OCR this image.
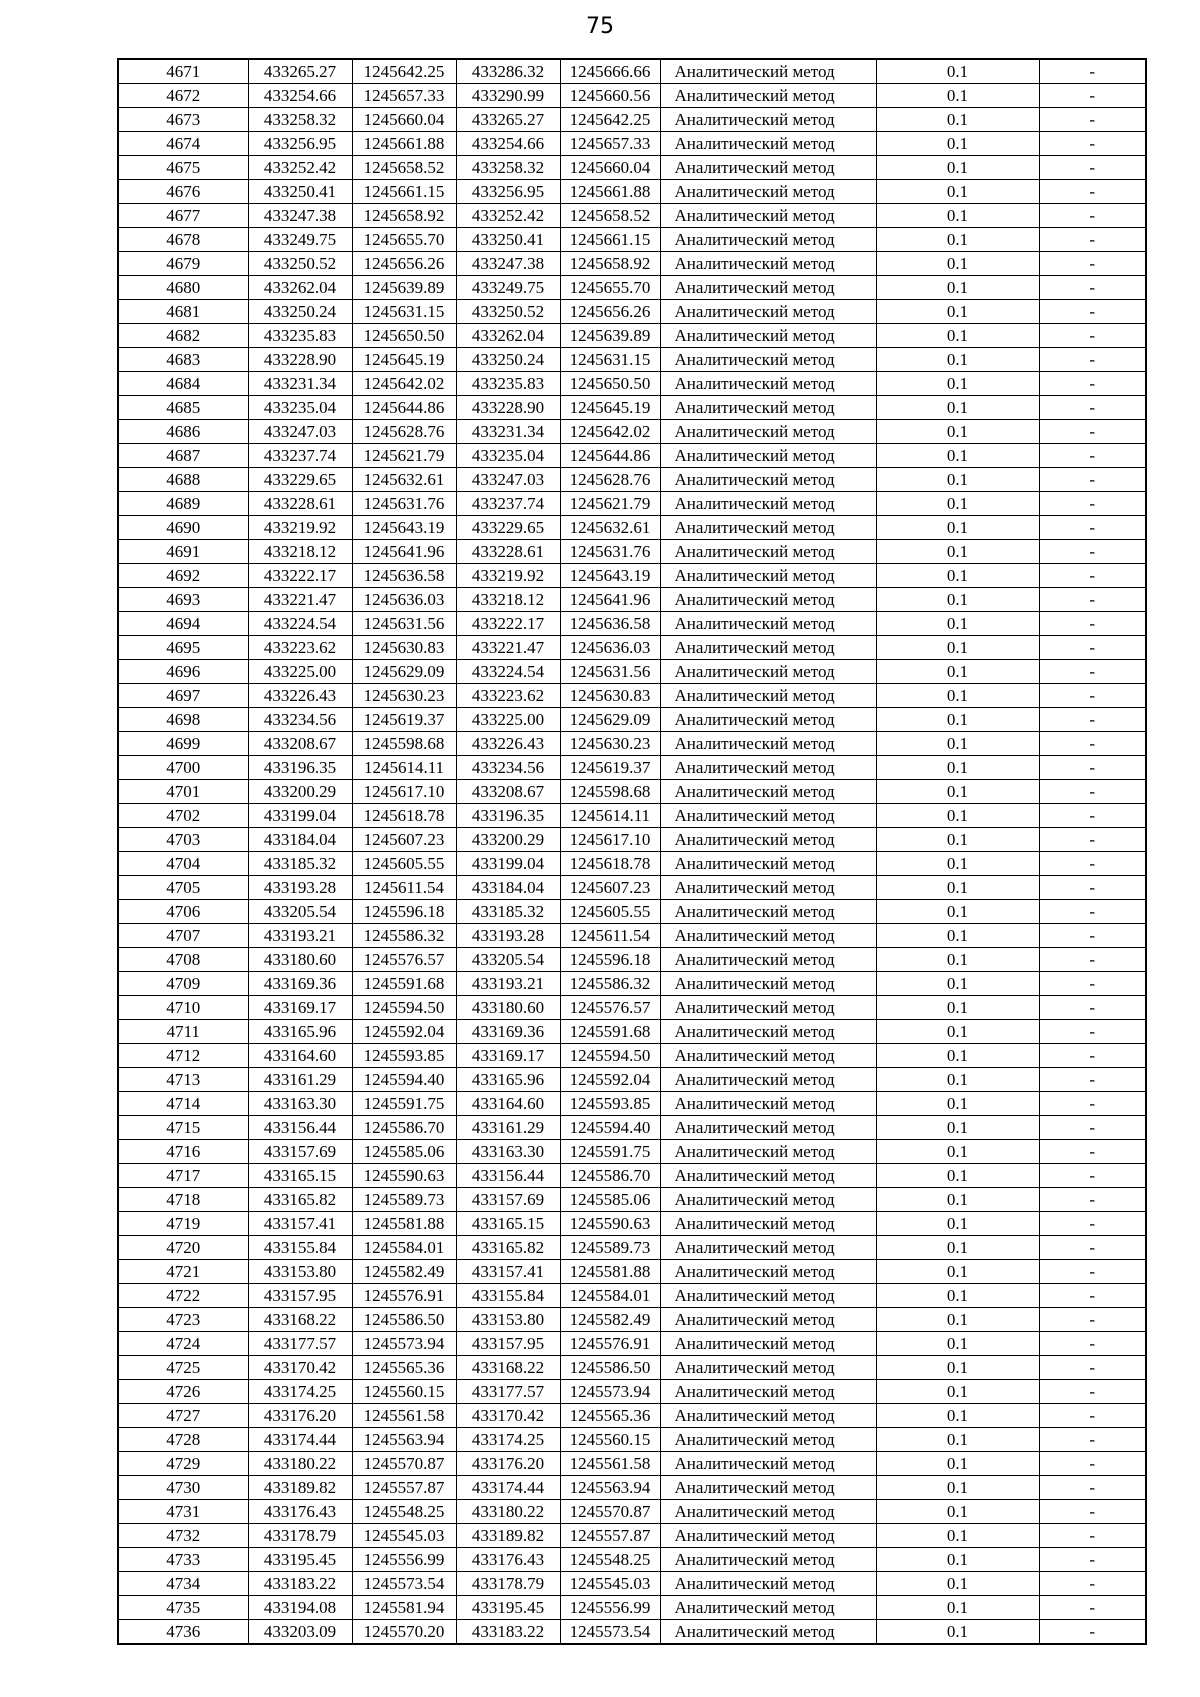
75
4671	433265.27	1245642.25	433286.32	1245666.66	Аналитический метод	0.1	-
4672	433254.66	1245657.33	433290.99	1245660.56	Аналитический метод	0.1	-
4673	433258.32	1245660.04	433265.27	1245642.25	Аналитический метод	0.1	-
4674	433256.95	1245661.88	433254.66	1245657.33	Аналитический метод	0.1	-
4675	433252.42	1245658.52	433258.32	1245660.04	Аналитический метод	0.1	-
4676	433250.41	1245661.15	433256.95	1245661.88	Аналитический метод	0.1	-
4677	433247.38	1245658.92	433252.42	1245658.52	Аналитический метод	0.1	-
4678	433249.75	1245655.70	433250.41	1245661.15	Аналитический метод	0.1	-
4679	433250.52	1245656.26	433247.38	1245658.92	Аналитический метод	0.1	-
4680	433262.04	1245639.89	433249.75	1245655.70	Аналитический метод	0.1	-
4681	433250.24	1245631.15	433250.52	1245656.26	Аналитический метод	0.1	-
4682	433235.83	1245650.50	433262.04	1245639.89	Аналитический метод	0.1	-
4683	433228.90	1245645.19	433250.24	1245631.15	Аналитический метод	0.1	-
4684	433231.34	1245642.02	433235.83	1245650.50	Аналитический метод	0.1	-
4685	433235.04	1245644.86	433228.90	1245645.19	Аналитический метод	0.1	-
4686	433247.03	1245628.76	433231.34	1245642.02	Аналитический метод	0.1	-
4687	433237.74	1245621.79	433235.04	1245644.86	Аналитический метод	0.1	-
4688	433229.65	1245632.61	433247.03	1245628.76	Аналитический метод	0.1	-
4689	433228.61	1245631.76	433237.74	1245621.79	Аналитический метод	0.1	-
4690	433219.92	1245643.19	433229.65	1245632.61	Аналитический метод	0.1	-
4691	433218.12	1245641.96	433228.61	1245631.76	Аналитический метод	0.1	-
4692	433222.17	1245636.58	433219.92	1245643.19	Аналитический метод	0.1	-
4693	433221.47	1245636.03	433218.12	1245641.96	Аналитический метод	0.1	-
4694	433224.54	1245631.56	433222.17	1245636.58	Аналитический метод	0.1	-
4695	433223.62	1245630.83	433221.47	1245636.03	Аналитический метод	0.1	-
4696	433225.00	1245629.09	433224.54	1245631.56	Аналитический метод	0.1	-
4697	433226.43	1245630.23	433223.62	1245630.83	Аналитический метод	0.1	-
4698	433234.56	1245619.37	433225.00	1245629.09	Аналитический метод	0.1	-
4699	433208.67	1245598.68	433226.43	1245630.23	Аналитический метод	0.1	-
4700	433196.35	1245614.11	433234.56	1245619.37	Аналитический метод	0.1	-
4701	433200.29	1245617.10	433208.67	1245598.68	Аналитический метод	0.1	-
4702	433199.04	1245618.78	433196.35	1245614.11	Аналитический метод	0.1	-
4703	433184.04	1245607.23	433200.29	1245617.10	Аналитический метод	0.1	-
4704	433185.32	1245605.55	433199.04	1245618.78	Аналитический метод	0.1	-
4705	433193.28	1245611.54	433184.04	1245607.23	Аналитический метод	0.1	-
4706	433205.54	1245596.18	433185.32	1245605.55	Аналитический метод	0.1	-
4707	433193.21	1245586.32	433193.28	1245611.54	Аналитический метод	0.1	-
4708	433180.60	1245576.57	433205.54	1245596.18	Аналитический метод	0.1	-
4709	433169.36	1245591.68	433193.21	1245586.32	Аналитический метод	0.1	-
4710	433169.17	1245594.50	433180.60	1245576.57	Аналитический метод	0.1	-
4711	433165.96	1245592.04	433169.36	1245591.68	Аналитический метод	0.1	-
4712	433164.60	1245593.85	433169.17	1245594.50	Аналитический метод	0.1	-
4713	433161.29	1245594.40	433165.96	1245592.04	Аналитический метод	0.1	-
4714	433163.30	1245591.75	433164.60	1245593.85	Аналитический метод	0.1	-
4715	433156.44	1245586.70	433161.29	1245594.40	Аналитический метод	0.1	-
4716	433157.69	1245585.06	433163.30	1245591.75	Аналитический метод	0.1	-
4717	433165.15	1245590.63	433156.44	1245586.70	Аналитический метод	0.1	-
4718	433165.82	1245589.73	433157.69	1245585.06	Аналитический метод	0.1	-
4719	433157.41	1245581.88	433165.15	1245590.63	Аналитический метод	0.1	-
4720	433155.84	1245584.01	433165.82	1245589.73	Аналитический метод	0.1	-
4721	433153.80	1245582.49	433157.41	1245581.88	Аналитический метод	0.1	-
4722	433157.95	1245576.91	433155.84	1245584.01	Аналитический метод	0.1	-
4723	433168.22	1245586.50	433153.80	1245582.49	Аналитический метод	0.1	-
4724	433177.57	1245573.94	433157.95	1245576.91	Аналитический метод	0.1	-
4725	433170.42	1245565.36	433168.22	1245586.50	Аналитический метод	0.1	-
4726	433174.25	1245560.15	433177.57	1245573.94	Аналитический метод	0.1	-
4727	433176.20	1245561.58	433170.42	1245565.36	Аналитический метод	0.1	-
4728	433174.44	1245563.94	433174.25	1245560.15	Аналитический метод	0.1	-
4729	433180.22	1245570.87	433176.20	1245561.58	Аналитический метод	0.1	-
4730	433189.82	1245557.87	433174.44	1245563.94	Аналитический метод	0.1	-
4731	433176.43	1245548.25	433180.22	1245570.87	Аналитический метод	0.1	-
4732	433178.79	1245545.03	433189.82	1245557.87	Аналитический метод	0.1	-
4733	433195.45	1245556.99	433176.43	1245548.25	Аналитический метод	0.1	-
4734	433183.22	1245573.54	433178.79	1245545.03	Аналитический метод	0.1	-
4735	433194.08	1245581.94	433195.45	1245556.99	Аналитический метод	0.1	-
4736	433203.09	1245570.20	433183.22	1245573.54	Аналитический метод	0.1	-
